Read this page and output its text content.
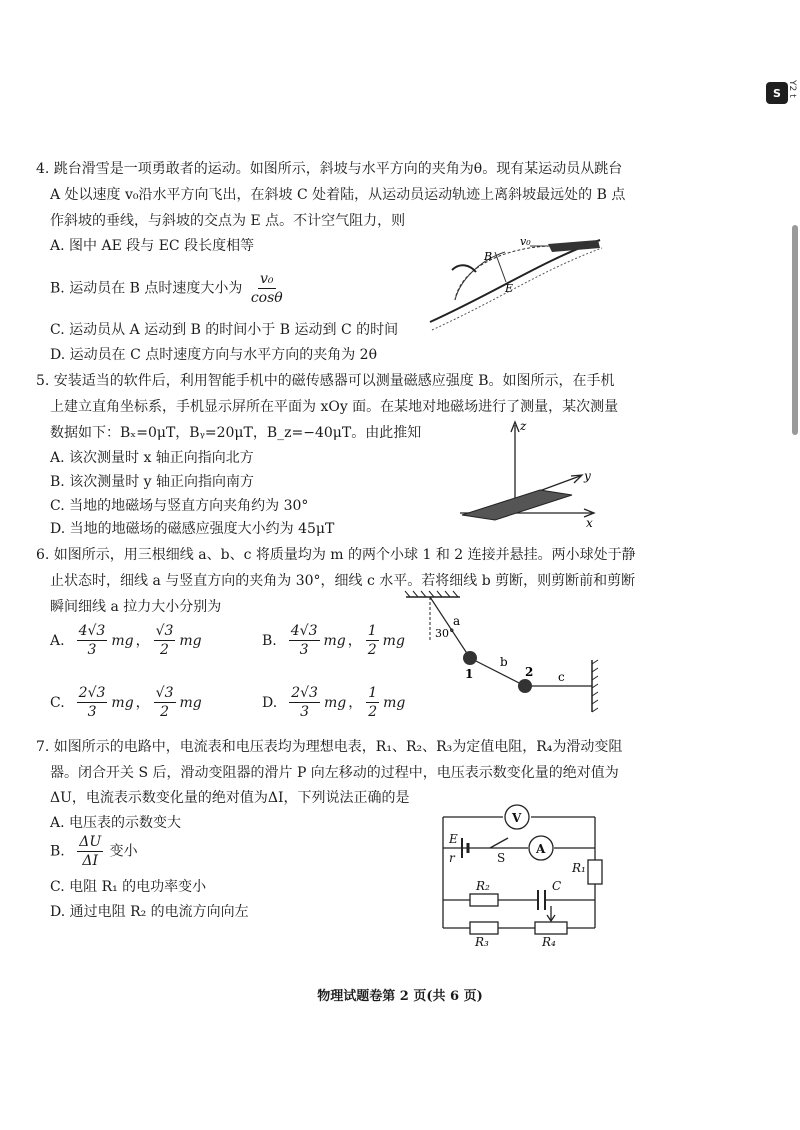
S Y2 t
4. 跳台滑雪是一项勇敢者的运动。如图所示，斜坡与水平方向的夹角为θ。现有某运动员从跳台
A 处以速度 v₀沿水平方向飞出，在斜坡 C 处着陆，从运动员运动轨迹上离斜坡最远处的 B 点
作斜坡的垂线，与斜坡的交点为 E 点。不计空气阻力，则
A. 图中 AE 段与 EC 段长度相等
B. 运动员在 B 点时速度大小为 $\frac{\text{v₀}}{\cos\theta}$
C. 运动员从 A 运动到 B 的时间小于 B 运动到 C 的时间
D. 运动员在 C 点时速度方向与水平方向的夹角为 2θ
B
E
v₀
z
y
x
30°
a
b
c
1	2
V
A
E
r	S
R₁
R₂	C
R₃	R₄
5. 安装适当的软件后，利用智能手机中的磁传感器可以测量磁感应强度 B。如图所示，在手机
上建立直角坐标系，手机显示屏所在平面为 xOy 面。在某地对地磁场进行了测量，某次测量
数据如下：Bₓ=0μT，Bᵧ=20μT，B_z=−40μT。由此推知
A. 该次测量时 x 轴正向指向北方
B. 该次测量时 y 轴正向指向南方
C. 当地的地磁场与竖直方向夹角约为 30°
D. 当地的地磁场的磁感应强度大小约为 45μT
6. 如图所示，用三根细线 a、b、c 将质量均为 m 的两个小球 1 和 2 连接并悬挂。两小球处于静
止状态时，细线 a 与竖直方向的夹角为 30°，细线 c 水平。若将细线 b 剪断，则剪断前和剪断
瞬间细线 a 拉力大小分别为
A. $\frac{4√3}{3}$ mg ， $\frac{√3}{2}$ mg	B. $\frac{4√3}{3}$ mg ， $\frac{1}{2}$ mg
C. $\frac{2√3}{3}$ mg ， $\frac{√3}{2}$ mg	D. $\frac{2√3}{3}$ mg ， $\frac{1}{2}$ mg
7. 如图所示的电路中，电流表和电压表均为理想电表，R₁、R₂、R₃为定值电阻，R₄为滑动变阻
器。闭合开关 S 后，滑动变阻器的滑片 P 向左移动的过程中，电压表示数变化量的绝对值为
ΔU，电流表示数变化量的绝对值为ΔI，下列说法正确的是
A. 电压表的示数变大
B. $\frac{\Delta U}{\Delta I}$ 变小
C. 电阻 R₁ 的电功率变小
D. 通过电阻 R₂ 的电流方向向左
物理试题卷第 2 页(共 6 页)
